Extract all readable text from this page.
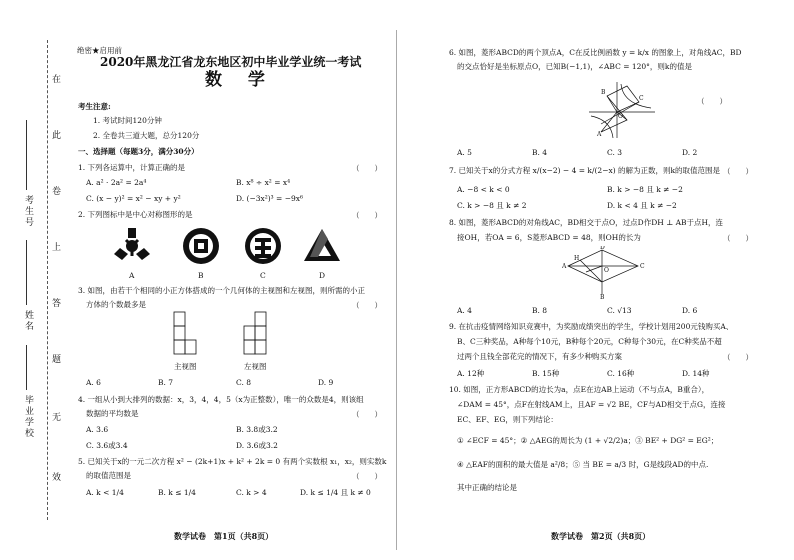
在
此
卷
上
答
题
无
效
考生号
姓名
毕业学校
绝密★启用前
2020年黑龙江省龙东地区初中毕业学业统一考试
数 学
考生注意:
1. 考试时间120分钟
2. 全卷共三道大题，总分120分
一、选择题（每题3分，满分30分）
1. 下列各运算中，计算正确的是	（　　）
A. a² · 2a² = 2a⁴	B. x⁸ ÷ x² = x⁴
C. (x − y)² = x² − xy + y²	D. (−3x²)³ = −9x⁶
2. 下列图标中是中心对称图形的是	（　　）
A	B	C	D
3. 如图，由若干个相同的小正方体搭成的一个几何体的主视图和左视图，则所需的小正
方体的个数最多是	（　　）
主视图	左视图
A. 6	B. 7	C. 8	D. 9
4. 一组从小到大排列的数据：x，3，4，4，5（x为正整数），唯一的众数是4，则该组
数据的平均数是	（　　）
A. 3.6	B. 3.8或3.2
C. 3.6或3.4	D. 3.6或3.2
5. 已知关于x的一元二次方程 x² − (2k+1)x + k² + 2k = 0 有两个实数根 x₁，x₂，则实数k
的取值范围是	（　　）
A. k < 1/4	B. k ≤ 1/4	C. k > 4	D. k ≤ 1/4 且 k ≠ 0
数学试卷　第1页（共8页）
6. 如图，菱形ABCD的两个顶点A，C在反比例函数 y = k/x 的图象上，对角线AC，BD
的交点恰好是坐标原点O，已知B(−1,1)，∠ABC = 120°，则k的值是
（　　）
B
C
A
O
A. 5	B. 4	C. 3	D. 2
7. 已知关于x的分式方程 x/(x−2) − 4 = k/(2−x) 的解为正数，则k的取值范围是 （　　）
A. −8 < k < 0	B. k > −8 且 k ≠ −2
C. k > −8 且 k ≠ 2	D. k < 4 且 k ≠ −2
8. 如图，菱形ABCD的对角线AC，BD相交于点O，过点D作DH ⊥ AB于点H，连
接OH，若OA = 6，S菱形ABCD = 48，则OH的长为	（　　）
A	C
D
B
H
O
A. 4	B. 8	C. √13	D. 6
9. 在抗击疫情网络知识竞赛中，为奖励成绩突出的学生，学校计划用200元钱购买A、
B、C三种奖品，A种每个10元，B种每个20元，C种每个30元，在C种奖品不超
过两个且钱全部花完的情况下，有多少种购买方案	（　　）
A. 12种	B. 15种	C. 16种	D. 14种
10. 如图，正方形ABCD的边长为a，点E在边AB上运动（不与点A，B重合），
∠DAM = 45°，点F在射线AM上，且AF = √2 BE，CF与AD相交于点G，连接
EC、EF、EG，则下列结论：
① ∠ECF = 45°；② △AEG的周长为 (1 + √2/2)a；③ BE² + DG² = EG²；
④ △EAF的面积的最大值是 a²/8；⑤ 当 BE = a/3 时，G是线段AD的中点.
其中正确的结论是
数学试卷　第2页（共8页）
